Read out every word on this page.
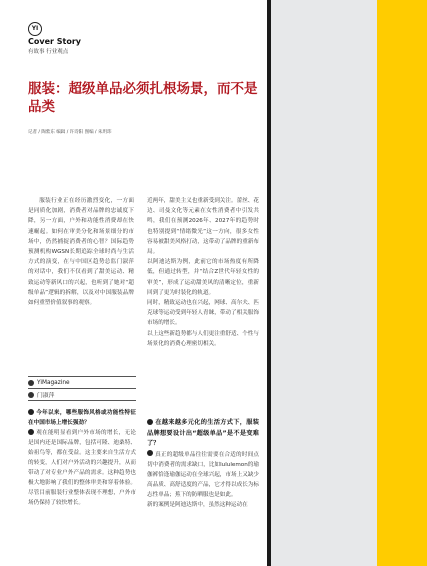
YI
Cover Story
有故事 行业观点
服装：超级单品必须扎根场景，而不是品类
记者 / 陶紫东 编辑 / 许诗阳 图编 / 朱玥玮

服装行业正在经历激烈变化，一方面是同质化加剧，消费者对品牌的忠诚度下降，另一方面，户外和功能性消费却在快速崛起。如何在审美分化和场景细分的市场中，仍然捕捉消费者的心智？国际趋势预测机构WGSN长期追踪全球时尚与生活方式的演变，在与中国区趋势总监门淑萍的对话中，我们不仅看到了甜美运动、精致运动等新风口的兴起，也听到了她对“超级单品”逻辑的拆解，以及对中国服装品牌如何重塑价值叙事的观察。

近两年，甜美主义也重新受到关注。蕾丝、花边、司曼文化等元素在女性消费者中引发共鸣，我们在预测2026年、2027年的趋势时也特别提到“情绪微光”这一方向，很多女性容易被甜美风格打动，这带动了品牌的重新布局。

以阿迪达斯为例，此前它的市场热度有所降低，但通过转型，并“结合Z世代年轻女性的审美”，形成了运动甜美风的清晰定位，重新回到了更为时装化的轨道。

同时，精致运动也在兴起，网球、高尔夫、匹克球等运动受到年轻人青睐，带动了相关服饰市场的增长。

以上这些新趋势都与人们更注重舒适、个性与场景化的消费心理密切相关。

YiMagazine
门淑萍

今年以来，哪些服饰风格或功能性特征在中国市场上增长强劲？

观在能明显看到户外市场的增长，无论是国内还是国际品牌，包括可隆、迪桑特、始祖鸟等，都在受益。这主要来自生活方式的转变，人们对户外活动的兴趣提升，从而带动了对专业户外产品的需求。这种趋势也极大地影响了我们的整体审美和穿着体验。尽管目前服装行业整体表现不理想，户外市场仍保持了较快增长。

在越来越多元化的生活方式下，服装品牌想要设计出“超级单品”是不是变难了？

真正的超级单品往往需要在合适的时间点切中消费者的需求缺口，比如lululemon的瑜伽裤恰逢瑜伽运动在全球兴起，市场上又缺少高品质、高舒适度的产品，它才得以成长为标志性单品；蕉下的防晒服也是如此。

新的案例是阿迪达斯中，虽然这种运动在
